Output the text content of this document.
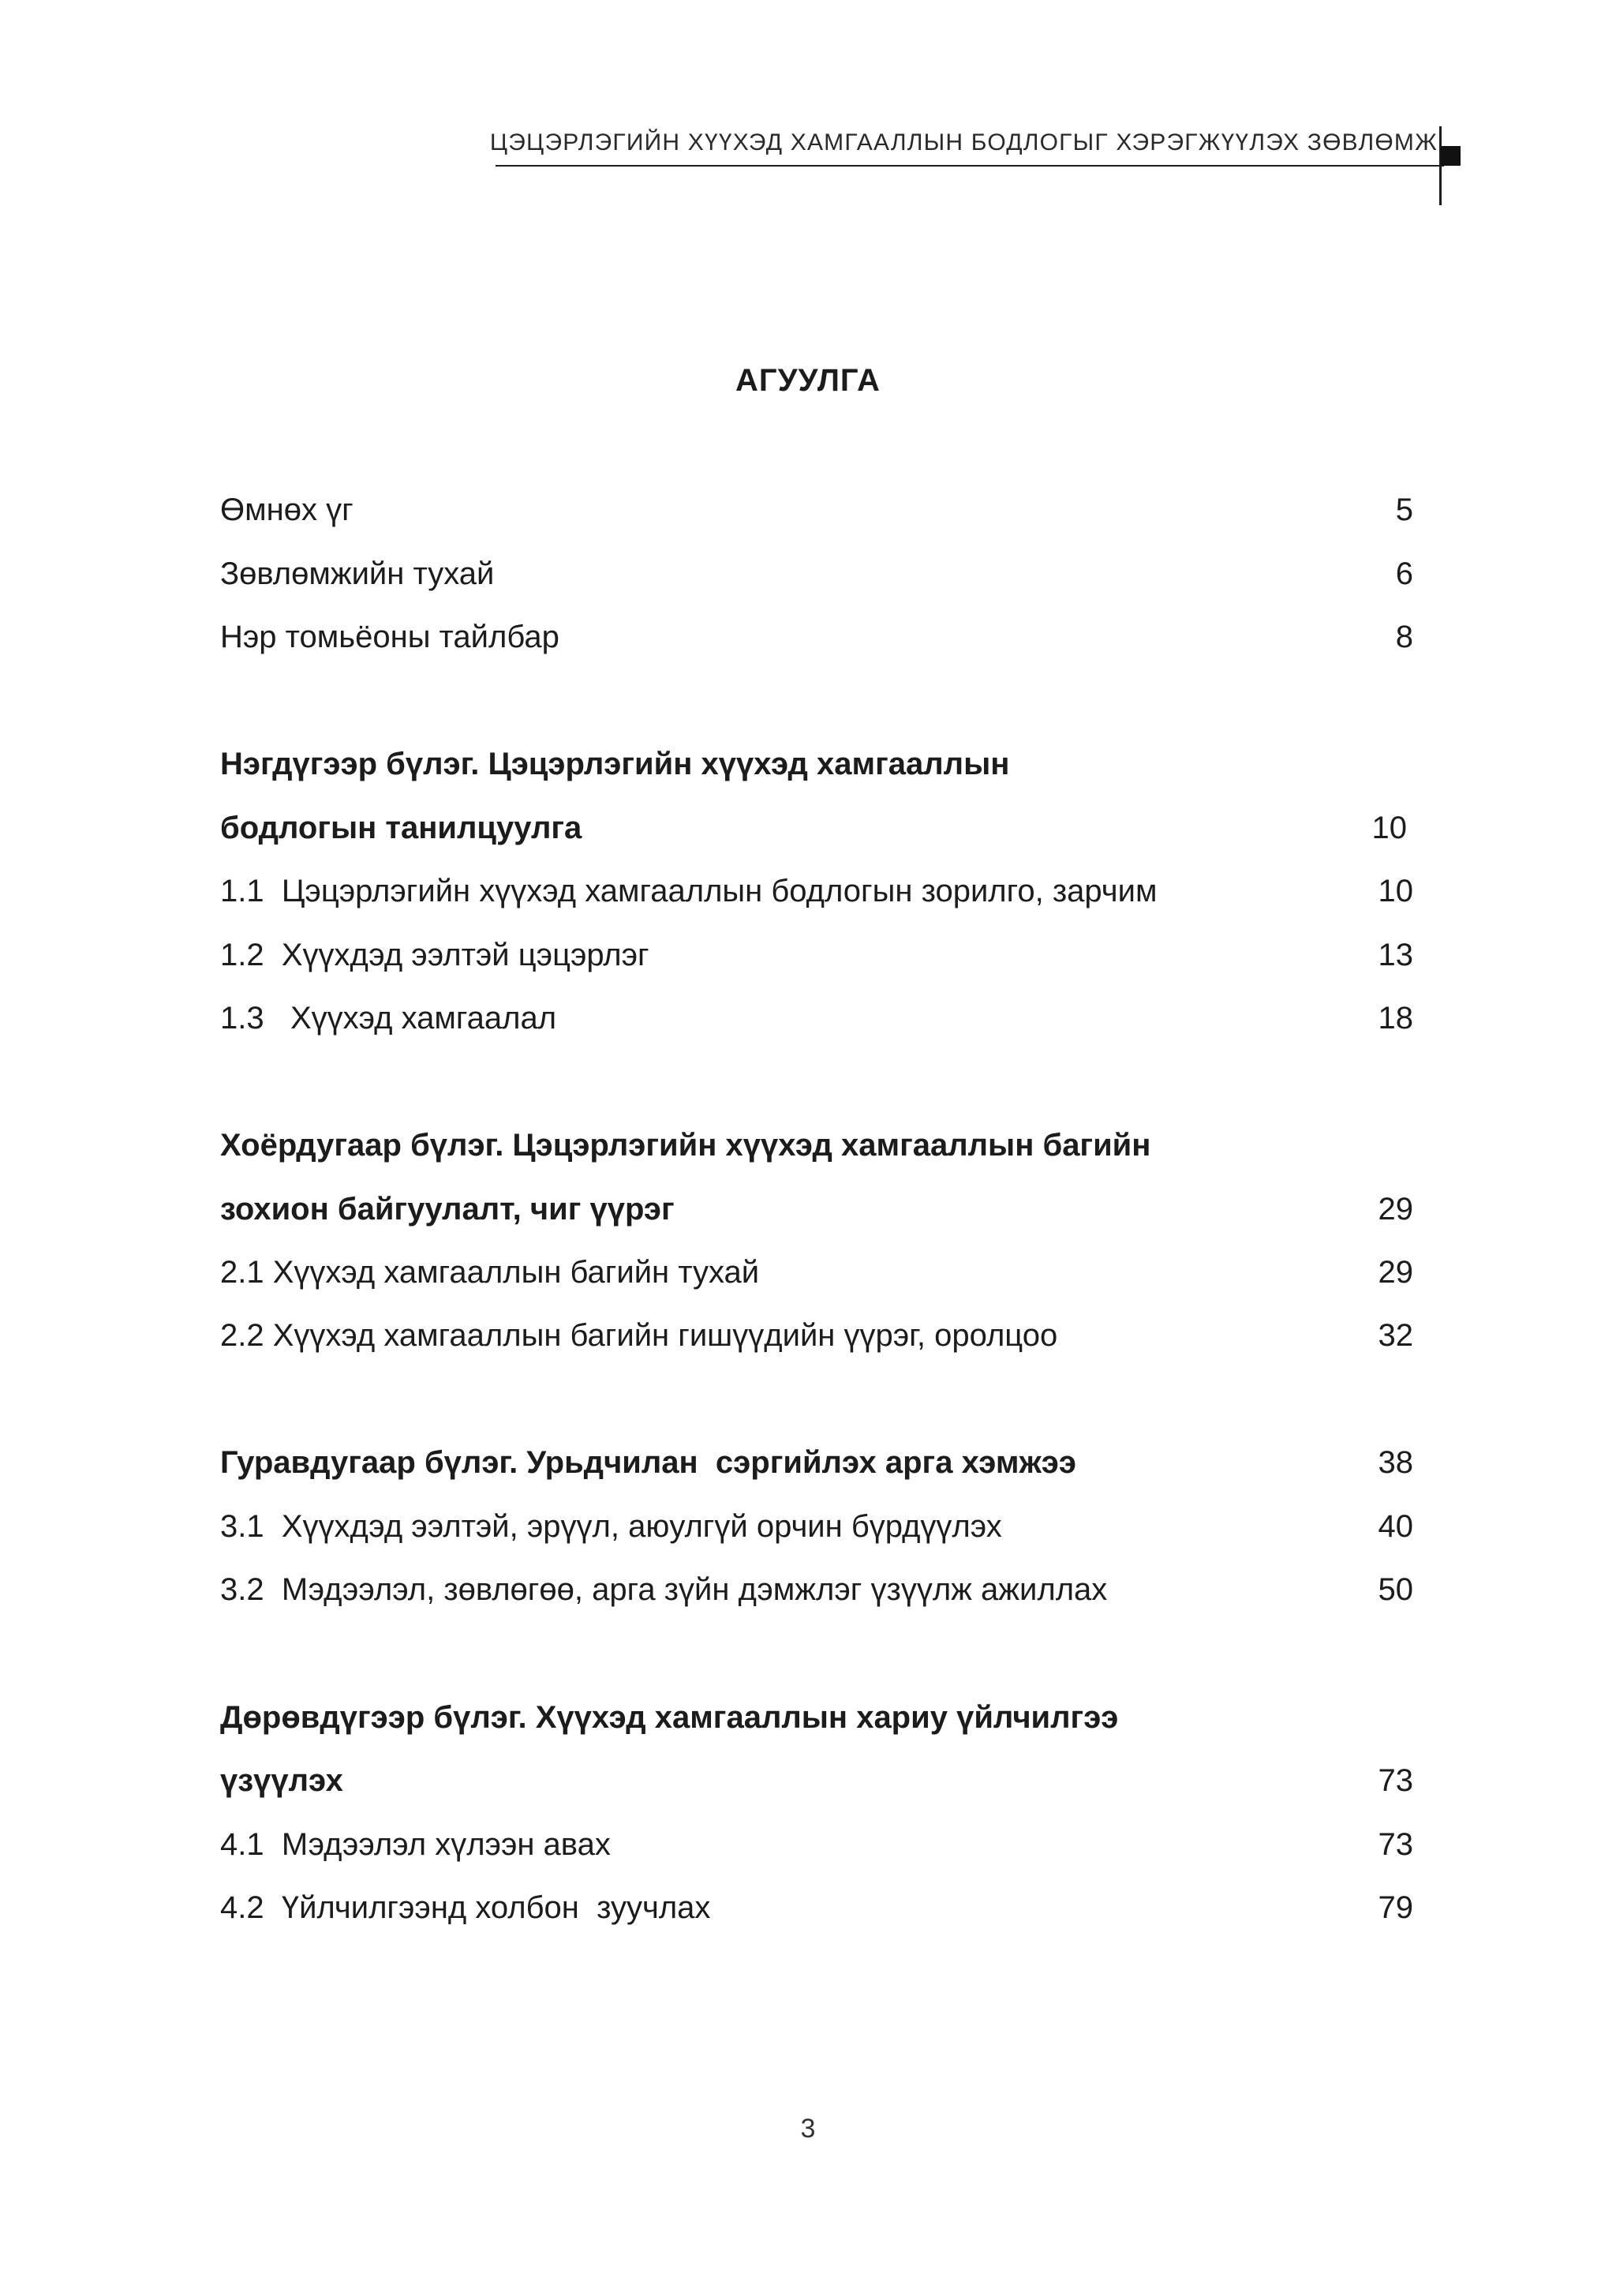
ЦЭЦЭРЛЭГИЙН ХҮҮХЭД ХАМГААЛЛЫН БОДЛОГЫГ ХЭРЭГЖҮҮЛЭХ ЗӨВЛӨМЖ
АГУУЛГА
Өмнөх үг	5
Зөвлөмжийн тухай	6
Нэр томьёоны тайлбар	8
Нэгдүгээр бүлэг. Цэцэрлэгийн хүүхэд хамгааллын
бодлогын танилцуулга	10
1.1  Цэцэрлэгийн хүүхэд хамгааллын бодлогын зорилго, зарчим	10
1.2  Хүүхдэд ээлтэй цэцэрлэг	13
1.3   Хүүхэд хамгаалал	18
Хоёрдугаар бүлэг. Цэцэрлэгийн хүүхэд хамгааллын багийн
зохион байгуулалт, чиг үүрэг	29
2.1 Хүүхэд хамгааллын багийн тухай	29
2.2 Хүүхэд хамгааллын багийн гишүүдийн үүрэг, оролцоо	32
Гуравдугаар бүлэг. Урьдчилан  сэргийлэх арга хэмжээ	38
3.1  Хүүхдэд ээлтэй, эрүүл, аюулгүй орчин бүрдүүлэх	40
3.2  Мэдээлэл, зөвлөгөө, арга зүйн дэмжлэг үзүүлж ажиллах	50
Дөрөвдүгээр бүлэг. Хүүхэд хамгааллын хариу үйлчилгээ
үзүүлэх	73
4.1  Мэдээлэл хүлээн авах	73
4.2  Үйлчилгээнд холбон  зуучлах	79
3
